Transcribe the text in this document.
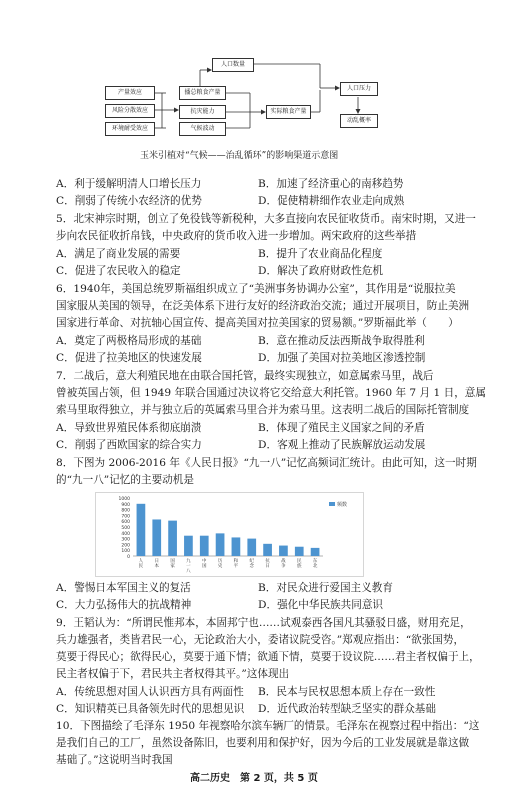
人口数量
产量效应
风险分散效应
环境耐受效应
播总粮食产量
抗灾能力
气候波动
实际粮食产量
人口压力
动乱概率
玉米引植对“气候——治乱循环”的影响渠道示意图
A．利于缓解明清人口增长压力	B．加速了经济重心的南移趋势
C．削弱了传统小农经济的优势	D．促使精耕细作农业走向成熟
5．北宋神宗时期，创立了免役钱等新税种，大多直接向农民征收货币。南宋时期，又进一
步向农民征收折帛钱，中央政府的货币收入进一步增加。两宋政府的这些举措
A．满足了商业发展的需要	B．提升了农业商品化程度
C．促进了农民收入的稳定	D．解决了政府财政性危机
6．1940年，美国总统罗斯福组织成立了“美洲事务协调办公室”，其作用是“说服拉美
国家服从美国的领导，在泛美体系下进行友好的经济政治交流；通过开展项目，防止美洲
国家进行革命、对抗轴心国宣传、提高美国对拉美国家的贸易额。”罗斯福此举（　　）
A．奠定了两极格局形成的基础	B．意在推动反法西斯战争取得胜利
C．促进了拉美地区的快速发展	D．加强了美国对拉美地区渗透控制
7．二战后，意大利殖民地在由联合国托管，最终实现独立，如意属索马里，战后
曾被英国占领，但 1949 年联合国通过决议将它交给意大利托管。1960 年 7 月 1 日，意属
索马里取得独立，并与独立后的英属索马里合并为索马里。这表明二战后的国际托管制度
A．导致世界殖民体系彻底崩溃	B．体现了殖民主义国家之间的矛盾
C．削弱了西欧国家的综合实力	D．客观上推动了民族解放运动发展
8．下图为 2006-2016 年《人民日报》“九一八”记忆高频词汇统计。由此可知，这一时期
的“九一八”记忆的主要动机是
0
100
200
300
400
500
600
700
800
900
1000
人民
日本
国家
九一八
中国
历史
和平
纪念
抗日
战争
民族
东北
频数
A．警惕日本军国主义的复活	B．对民众进行爱国主义教育
C．大力弘扬伟大的抗战精神	D．强化中华民族共同意识
9．王韬认为：“所谓民惟邦本，本固邦宁也……试观泰西各国凡其骚驳日盛，财用充足，
兵力雄强者，类皆君民一心，无论政治大小，委诸议院受咨。”郑观应指出：“欲张国势，
莫要于得民心；欲得民心，莫要于通下情；欲通下情，莫要于设议院……君主者权偏于上，
民主者权偏于下，君民共主者权得其平。”这体现出
A．传统思想对国人认识西方具有两面性 B．民本与民权思想本质上存在一致性
C．知识精英已具备领先时代的思想见识 D．近代政治转型缺乏坚实的群众基础
10．下图描绘了毛泽东 1950 年视察哈尔滨车辆厂的情景。毛泽东在视察过程中指出：“这
是我们自己的工厂，虽然设备陈旧，也要利用和保护好，因为今后的工业发展就是靠这做
基础了。”这说明当时我国
高二历史　第 2 页，共 5 页
